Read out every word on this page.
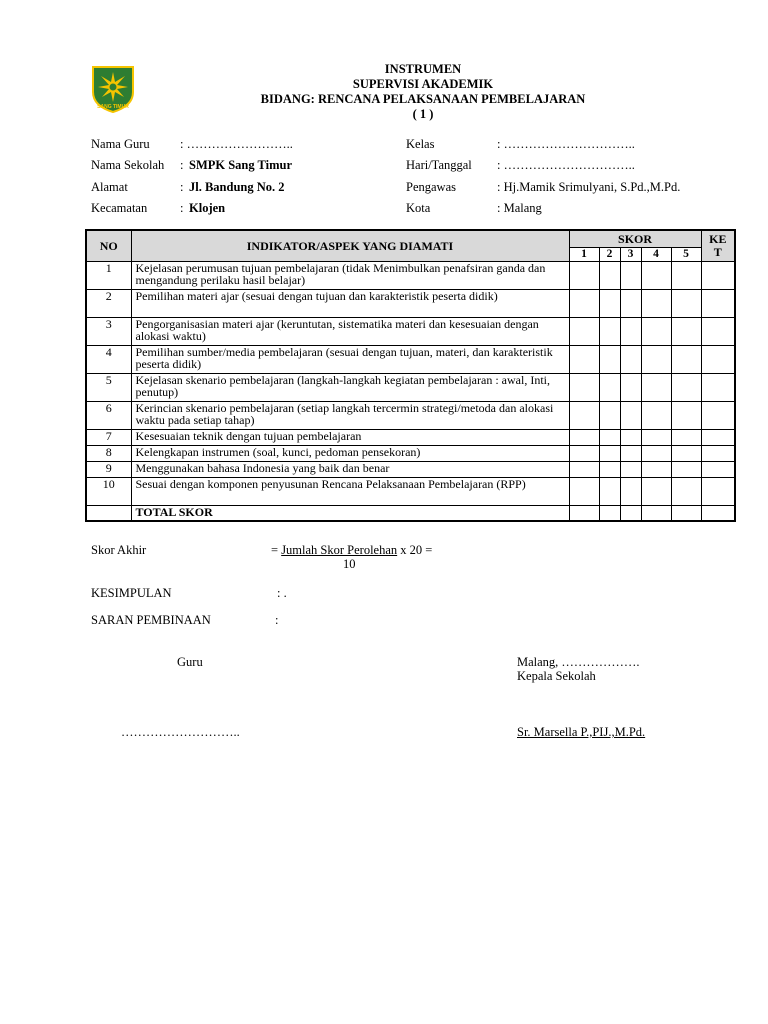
SANG TIMUR
INSTRUMEN
SUPERVISI AKADEMIK
BIDANG: RENCANA PELAKSANAAN PEMBELAJARAN
( 1 )
Nama Guru : ……………………..
Nama Sekolah : SMPK Sang Timur
Alamat	: Jl. Bandung No. 2
Kecamatan	: Klojen
Kelas	: …………………………..
Hari/Tanggal : …………………………..
Pengawas	: Hj.Mamik Srimulyani, S.Pd.,M.Pd.
Kota	: Malang
NO	INDIKATOR/ASPEK YANG DIAMATI	SKOR					KE
T
		1	2	3	4	5	
1	Kejelasan perumusan tujuan pembelajaran (tidak Menimbulkan penafsiran ganda dan mengandung perilaku hasil belajar)						
2	Pemilihan materi ajar (sesuai dengan tujuan dan karakteristik peserta didik)						
3	Pengorganisasian materi ajar (keruntutan, sistematika materi dan kesesuaian dengan alokasi waktu)						
4	Pemilihan sumber/media pembelajaran (sesuai dengan tujuan, materi, dan karakteristik peserta didik)						
5	Kejelasan skenario pembelajaran (langkah-langkah kegiatan pembelajaran : awal, Inti, penutup)						
6	Kerincian skenario pembelajaran (setiap langkah tercermin strategi/metoda dan alokasi waktu pada setiap tahap)						
7	Kesesuaian teknik dengan tujuan pembelajaran						
8	Kelengkapan instrumen (soal, kunci, pedoman pensekoran)						
9	Menggunakan bahasa Indonesia yang baik dan benar						
10	Sesuai dengan komponen penyusunan Rencana Pelaksanaan Pembelajaran (RPP)						
	TOTAL SKOR						
Skor Akhir	= Jumlah Skor Perolehan x 20 =
10
KESIMPULAN	: .
SARAN PEMBINAAN	:
Guru	Malang, ……………….
Kepala Sekolah
………………………..	Sr. Marsella P.,PIJ.,M.Pd.
